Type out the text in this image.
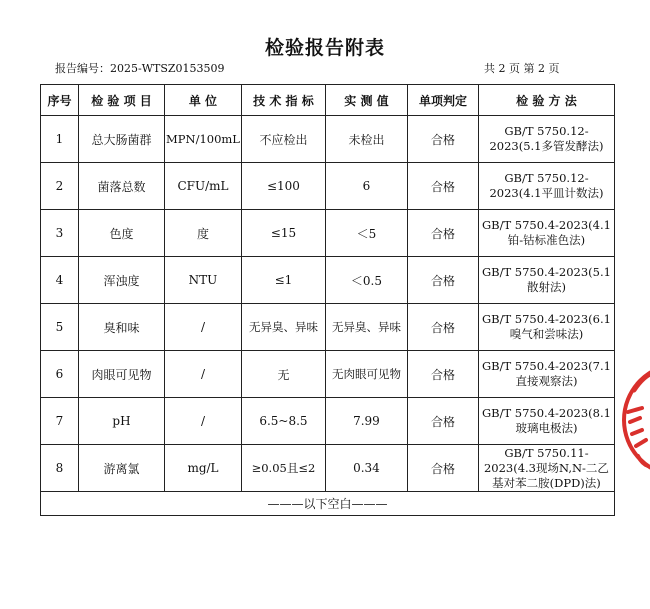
检验报告附表
报告编号：2025-WTSZ0153509	共 2 页 第 2 页
序号	检 验 项 目	单 位	技 术 指 标	实 测 值	单项判定	检 验 方 法
1	总大肠菌群	MPN/100mL	不应检出	未检出	合格	GB/T 5750.12-2023(5.1多管发酵法)
2	菌落总数	CFU/mL	≤100	6	合格	GB/T 5750.12-2023(4.1平皿计数法)
3	色度	度	≤15	＜5	合格	GB/T 5750.4-2023(4.1铂-钴标准色法)
4	浑浊度	NTU	≤1	＜0.5	合格	GB/T 5750.4-2023(5.1散射法)
5	臭和味	/	无异臭、异味	无异臭、异味	合格	GB/T 5750.4-2023(6.1嗅气和尝味法)
6	肉眼可见物	/	无	无肉眼可见物	合格	GB/T 5750.4-2023(7.1直接观察法)
7	pH	/	6.5~8.5	7.99	合格	GB/T 5750.4-2023(8.1玻璃电极法)
8	游离氯	mg/L	≥0.05且≤2	0.34	合格	GB/T 5750.11-2023(4.3现场N,N-二乙基对苯二胺(DPD)法)
———以下空白———						
